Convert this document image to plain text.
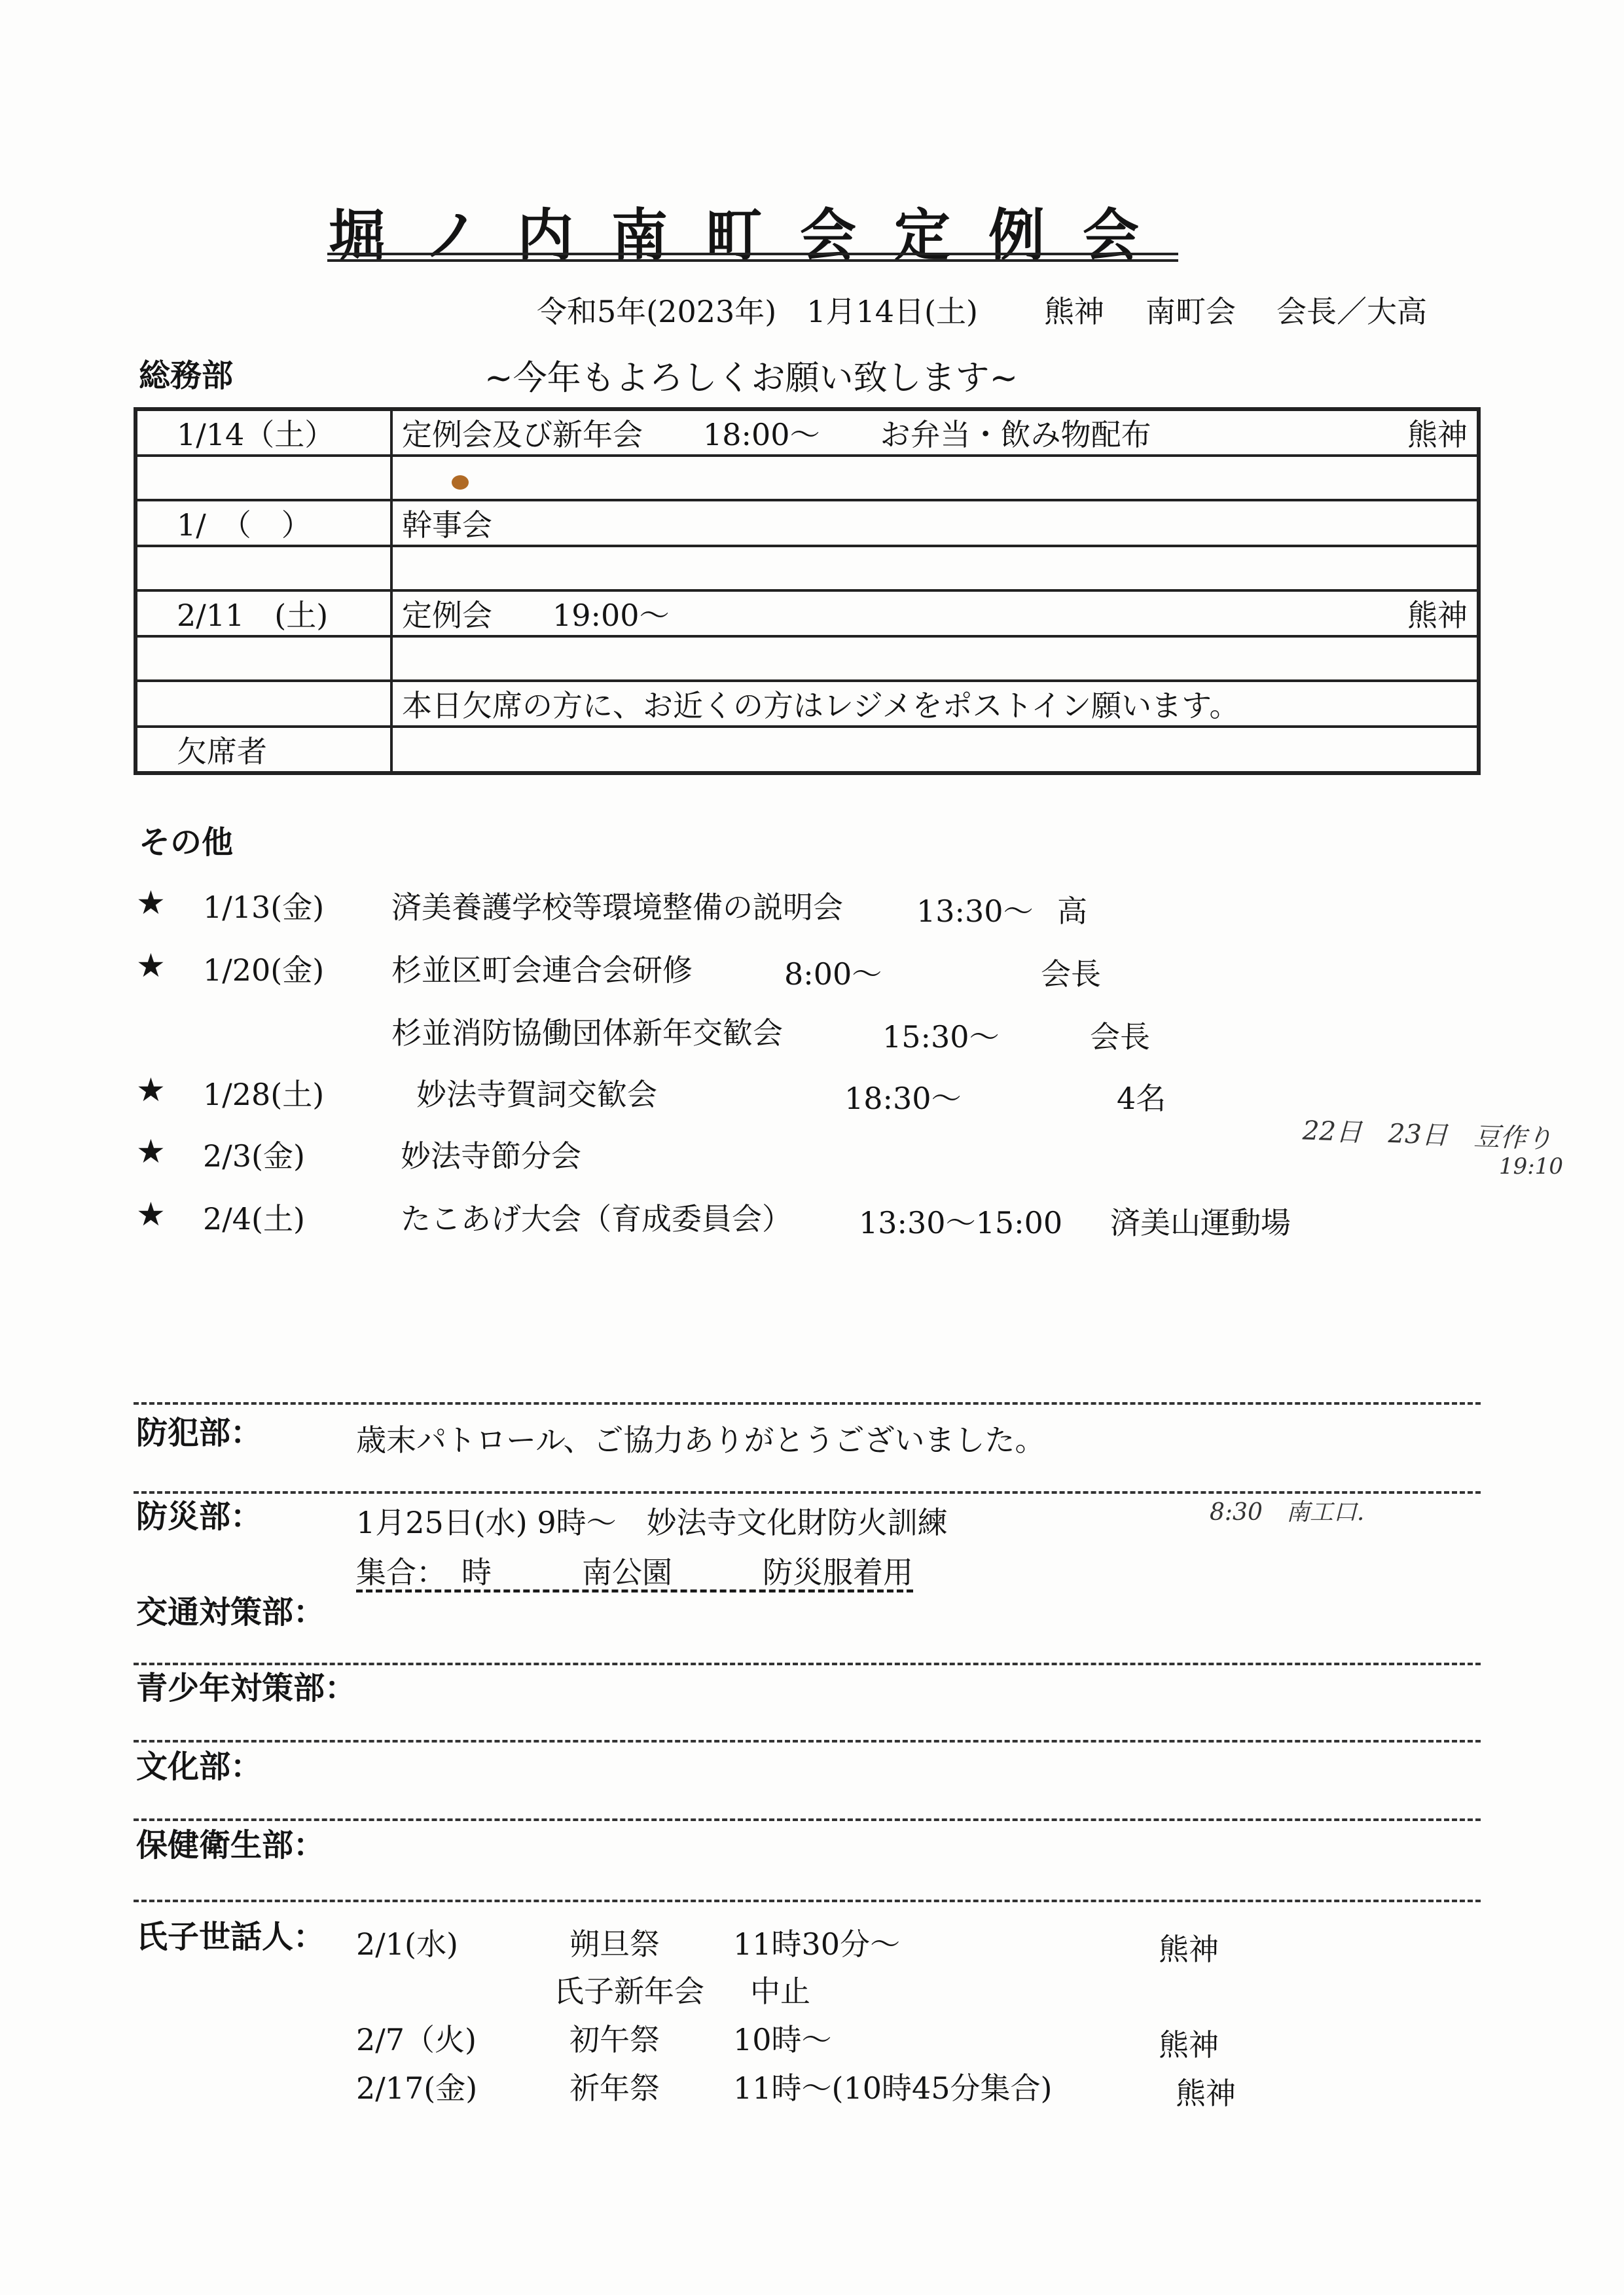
堀ノ内南町会定例会
令和5年(2023年)　1月14日(土) 熊神 南町会 会長／大高
総務部	~今年もよろしくお願い致します~
1/14（土）	定例会及び新年会　　18:00～　　お弁当・飲み物配布 熊神

1/　（　）	幹事会

2/11　(土)	定例会　　19:00～ 熊神

	本日欠席の方に、お近くの方はレジメをポストイン願います。
欠席者	
その他
★ 1/13(金) 済美養護学校等環境整備の説明会 13:30～ 高
★ 1/20(金) 杉並区町会連合会研修	8:00～	会長
杉並消防協働団体新年交歓会	15:30～	会長
★ 1/28(土)	妙法寺賀詞交歓会	18:30～	4名
★ 2/3(金)	妙法寺節分会
★ 2/4(土)	たこあげ大会（育成委員会） 13:30～15:00 済美山運動場
22日　23日　豆作り
19:10
防犯部：	歳末パトロール、ご協力ありがとうございました。
防災部：	1月25日(水) 9時～　妙法寺文化財防火訓練
集合：　時　　　南公園　　　防災服着用
8:30　南工口.
交通対策部：
青少年対策部：
文化部：
保健衛生部：
氏子世話人： 2/1(水)	朔旦祭 11時30分～	熊神
氏子新年会 中止
2/7（火)	初午祭 10時～	熊神
2/17(金)	祈年祭 11時～(10時45分集合)	熊神
